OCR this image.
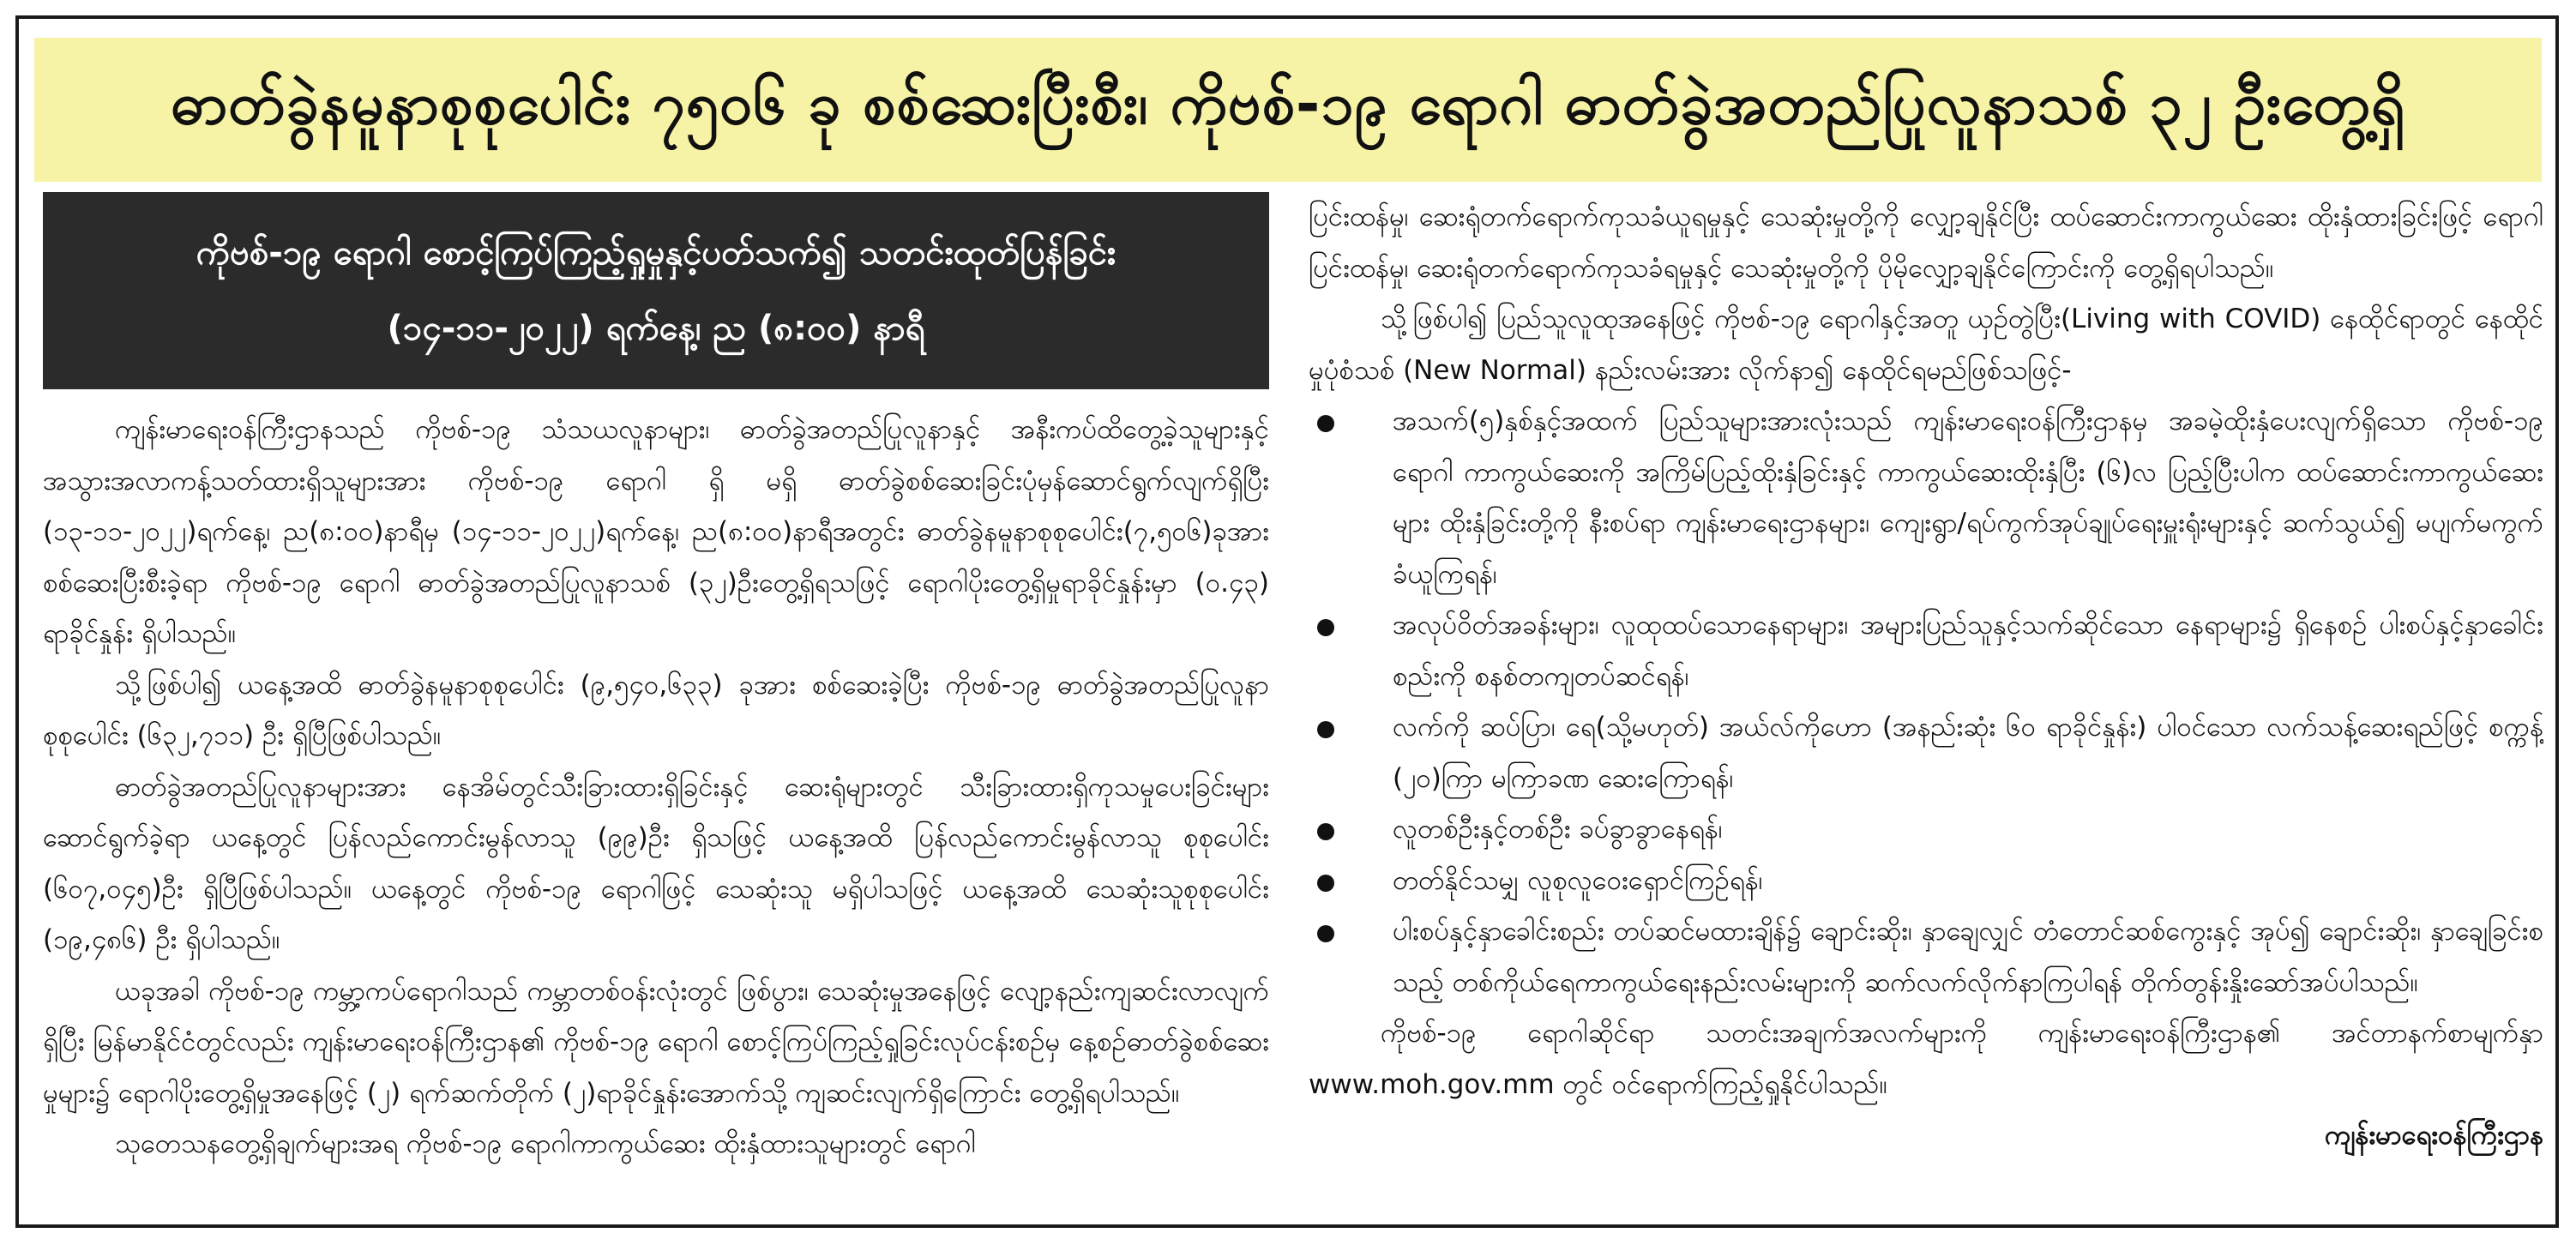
ဓာတ်ခွဲနမူနာစုစုပေါင်း ၇၅၀၆ ခု စစ်ဆေးပြီးစီး၊ ကိုဗစ်-၁၉ ရောဂါ ဓာတ်ခွဲအတည်ပြုလူနာသစ် ၃၂ ဦးတွေ့ရှိ
ကိုဗစ်-၁၉ ရောဂါ စောင့်ကြပ်ကြည့်ရှုမှုနှင့်ပတ်သက်၍ သတင်းထုတ်ပြန်ခြင်း
(၁၄-၁၁-၂၀၂၂) ရက်နေ့၊ ည (၈:၀၀) နာရီ

ကျန်းမာရေးဝန်ကြီးဌာနသည် ကိုဗစ်-၁၉ သံသယလူနာများ၊ ဓာတ်ခွဲအတည်ပြုလူနာနှင့် အနီးကပ်ထိတွေ့ခဲ့သူများနှင့် အသွားအလာကန့်သတ်ထားရှိသူများအား ကိုဗစ်-၁၉ ရောဂါ ရှိ မရှိ ဓာတ်ခွဲစစ်ဆေးခြင်းပုံမှန်ဆောင်ရွက်လျက်ရှိပြီး (၁၃-၁၁-၂၀၂၂)ရက်နေ့၊ ည(၈:၀၀)နာရီမှ (၁၄-၁၁-၂၀၂၂)ရက်နေ့၊ ည(၈:၀၀)နာရီအတွင်း ဓာတ်ခွဲနမူနာစုစုပေါင်း(၇,၅၀၆)ခုအား စစ်ဆေးပြီးစီးခဲ့ရာ ကိုဗစ်-၁၉ ရောဂါ ဓာတ်ခွဲအတည်ပြုလူနာသစ် (၃၂)ဦးတွေ့ရှိရသဖြင့် ရောဂါပိုးတွေ့ရှိမှုရာခိုင်နှုန်းမှာ (၀.၄၃) ရာခိုင်နှုန်း ရှိပါသည်။

သို့ဖြစ်ပါ၍ ယနေ့အထိ ဓာတ်ခွဲနမူနာစုစုပေါင်း (၉,၅၄၀,၆၃၃) ခုအား စစ်ဆေးခဲ့ပြီး ကိုဗစ်-၁၉ ဓာတ်ခွဲအတည်ပြုလူနာစုစုပေါင်း (၆၃၂,၇၁၁) ဦး ရှိပြီဖြစ်ပါသည်။

ဓာတ်ခွဲအတည်ပြုလူနာများအား နေအိမ်တွင်သီးခြားထားရှိခြင်းနှင့် ဆေးရုံများတွင် သီးခြားထားရှိကုသမှုပေးခြင်းများ ဆောင်ရွက်ခဲ့ရာ ယနေ့တွင် ပြန်လည်ကောင်းမွန်လာသူ (၉၉)ဦး ရှိသဖြင့် ယနေ့အထိ ပြန်လည်ကောင်းမွန်လာသူ စုစုပေါင်း (၆၀၇,၀၄၅)ဦး ရှိပြီဖြစ်ပါသည်။ ယနေ့တွင် ကိုဗစ်-၁၉ ရောဂါဖြင့် သေဆုံးသူ မရှိပါသဖြင့် ယနေ့အထိ သေဆုံးသူစုစုပေါင်း (၁၉,၄၈၆) ဦး ရှိပါသည်။

ယခုအခါ ကိုဗစ်-၁၉ ကမ္ဘာ့ကပ်ရောဂါသည် ကမ္ဘာတစ်ဝန်းလုံးတွင် ဖြစ်ပွား၊ သေဆုံးမှုအနေဖြင့် လျော့နည်းကျဆင်းလာလျက်ရှိပြီး မြန်မာနိုင်ငံတွင်လည်း ကျန်းမာရေးဝန်ကြီးဌာန၏ ကိုဗစ်-၁၉ ရောဂါ စောင့်ကြပ်ကြည့်ရှုခြင်းလုပ်ငန်းစဉ်မှ နေ့စဉ်ဓာတ်ခွဲစစ်ဆေးမှုများ၌ ရောဂါပိုးတွေ့ရှိမှုအနေဖြင့် (၂) ရက်ဆက်တိုက် (၂)ရာခိုင်နှုန်းအောက်သို့ ကျဆင်းလျက်ရှိကြောင်း တွေ့ရှိရပါသည်။

သုတေသနတွေ့ရှိချက်များအရ ကိုဗစ်-၁၉ ရောဂါကာကွယ်ဆေး ထိုးနှံထားသူများတွင် ရောဂါ

ပြင်းထန်မှု၊ ဆေးရုံတက်ရောက်ကုသခံယူရမှုနှင့် သေဆုံးမှုတို့ကို လျှော့ချနိုင်ပြီး ထပ်ဆောင်းကာကွယ်ဆေး ထိုးနှံထားခြင်းဖြင့် ရောဂါပြင်းထန်မှု၊ ဆေးရုံတက်ရောက်ကုသခံရမှုနှင့် သေဆုံးမှုတို့ကို ပိုမိုလျှော့ချနိုင်ကြောင်းကို တွေ့ရှိရပါသည်။

သို့ဖြစ်ပါ၍ ပြည်သူလူထုအနေဖြင့် ကိုဗစ်-၁၉ ရောဂါနှင့်အတူ ယှဉ်တွဲပြီး(Living with COVID) နေထိုင်ရာတွင် နေထိုင်မှုပုံစံသစ် (New Normal) နည်းလမ်းအား လိုက်နာ၍ နေထိုင်ရမည်ဖြစ်သဖြင့်-

အသက်(၅)နှစ်နှင့်အထက် ပြည်သူများအားလုံးသည် ကျန်းမာရေးဝန်ကြီးဌာနမှ အခမဲ့ထိုးနှံပေးလျက်ရှိသော ကိုဗစ်-၁၉ ရောဂါ ကာကွယ်ဆေးကို အကြိမ်ပြည့်ထိုးနှံခြင်းနှင့် ကာကွယ်ဆေးထိုးနှံပြီး (၆)လ ပြည့်ပြီးပါက ထပ်ဆောင်းကာကွယ်ဆေးများ ထိုးနှံခြင်းတို့ကို နီးစပ်ရာ ကျန်းမာရေးဌာနများ၊ ကျေးရွာ/ရပ်ကွက်အုပ်ချုပ်ရေးမှူးရုံးများနှင့် ဆက်သွယ်၍ မပျက်မကွက်ခံယူကြရန်၊
အလုပ်ဝိတ်အခန်းများ၊ လူထုထပ်သောနေရာများ၊ အများပြည်သူနှင့်သက်ဆိုင်သော နေရာများ၌ ရှိနေစဉ် ပါးစပ်နှင့်နှာခေါင်းစည်းကို စနစ်တကျတပ်ဆင်ရန်၊
လက်ကို ဆပ်ပြာ၊ ရေ(သို့မဟုတ်) အယ်လ်ကိုဟော (အနည်းဆုံး ၆၀ ရာခိုင်နှုန်း) ပါဝင်သော လက်သန့်ဆေးရည်ဖြင့် စက္ကန့် (၂၀)ကြာ မကြာခဏ ဆေးကြောရန်၊
လူတစ်ဦးနှင့်တစ်ဦး ခပ်ခွာခွာနေရန်၊
တတ်နိုင်သမျှ လူစုလူဝေးရှောင်ကြဉ်ရန်၊
ပါးစပ်နှင့်နှာခေါင်းစည်း တပ်ဆင်မထားချိန်၌ ချောင်းဆိုး၊ နှာချေလျှင် တံတောင်ဆစ်ကွေးနှင့် အုပ်၍ ချောင်းဆိုး၊ နှာချေခြင်းစသည့် တစ်ကိုယ်ရေကာကွယ်ရေးနည်းလမ်းများကို ဆက်လက်လိုက်နာကြပါရန် တိုက်တွန်းနှိုးဆော်အပ်ပါသည်။

ကိုဗစ်-၁၉ ရောဂါဆိုင်ရာ သတင်းအချက်အလက်များကို ကျန်းမာရေးဝန်ကြီးဌာန၏ အင်တာနက်စာမျက်နှာ www.moh.gov.mm တွင် ဝင်ရောက်ကြည့်ရှုနိုင်ပါသည်။

ကျန်းမာရေးဝန်ကြီးဌာန
